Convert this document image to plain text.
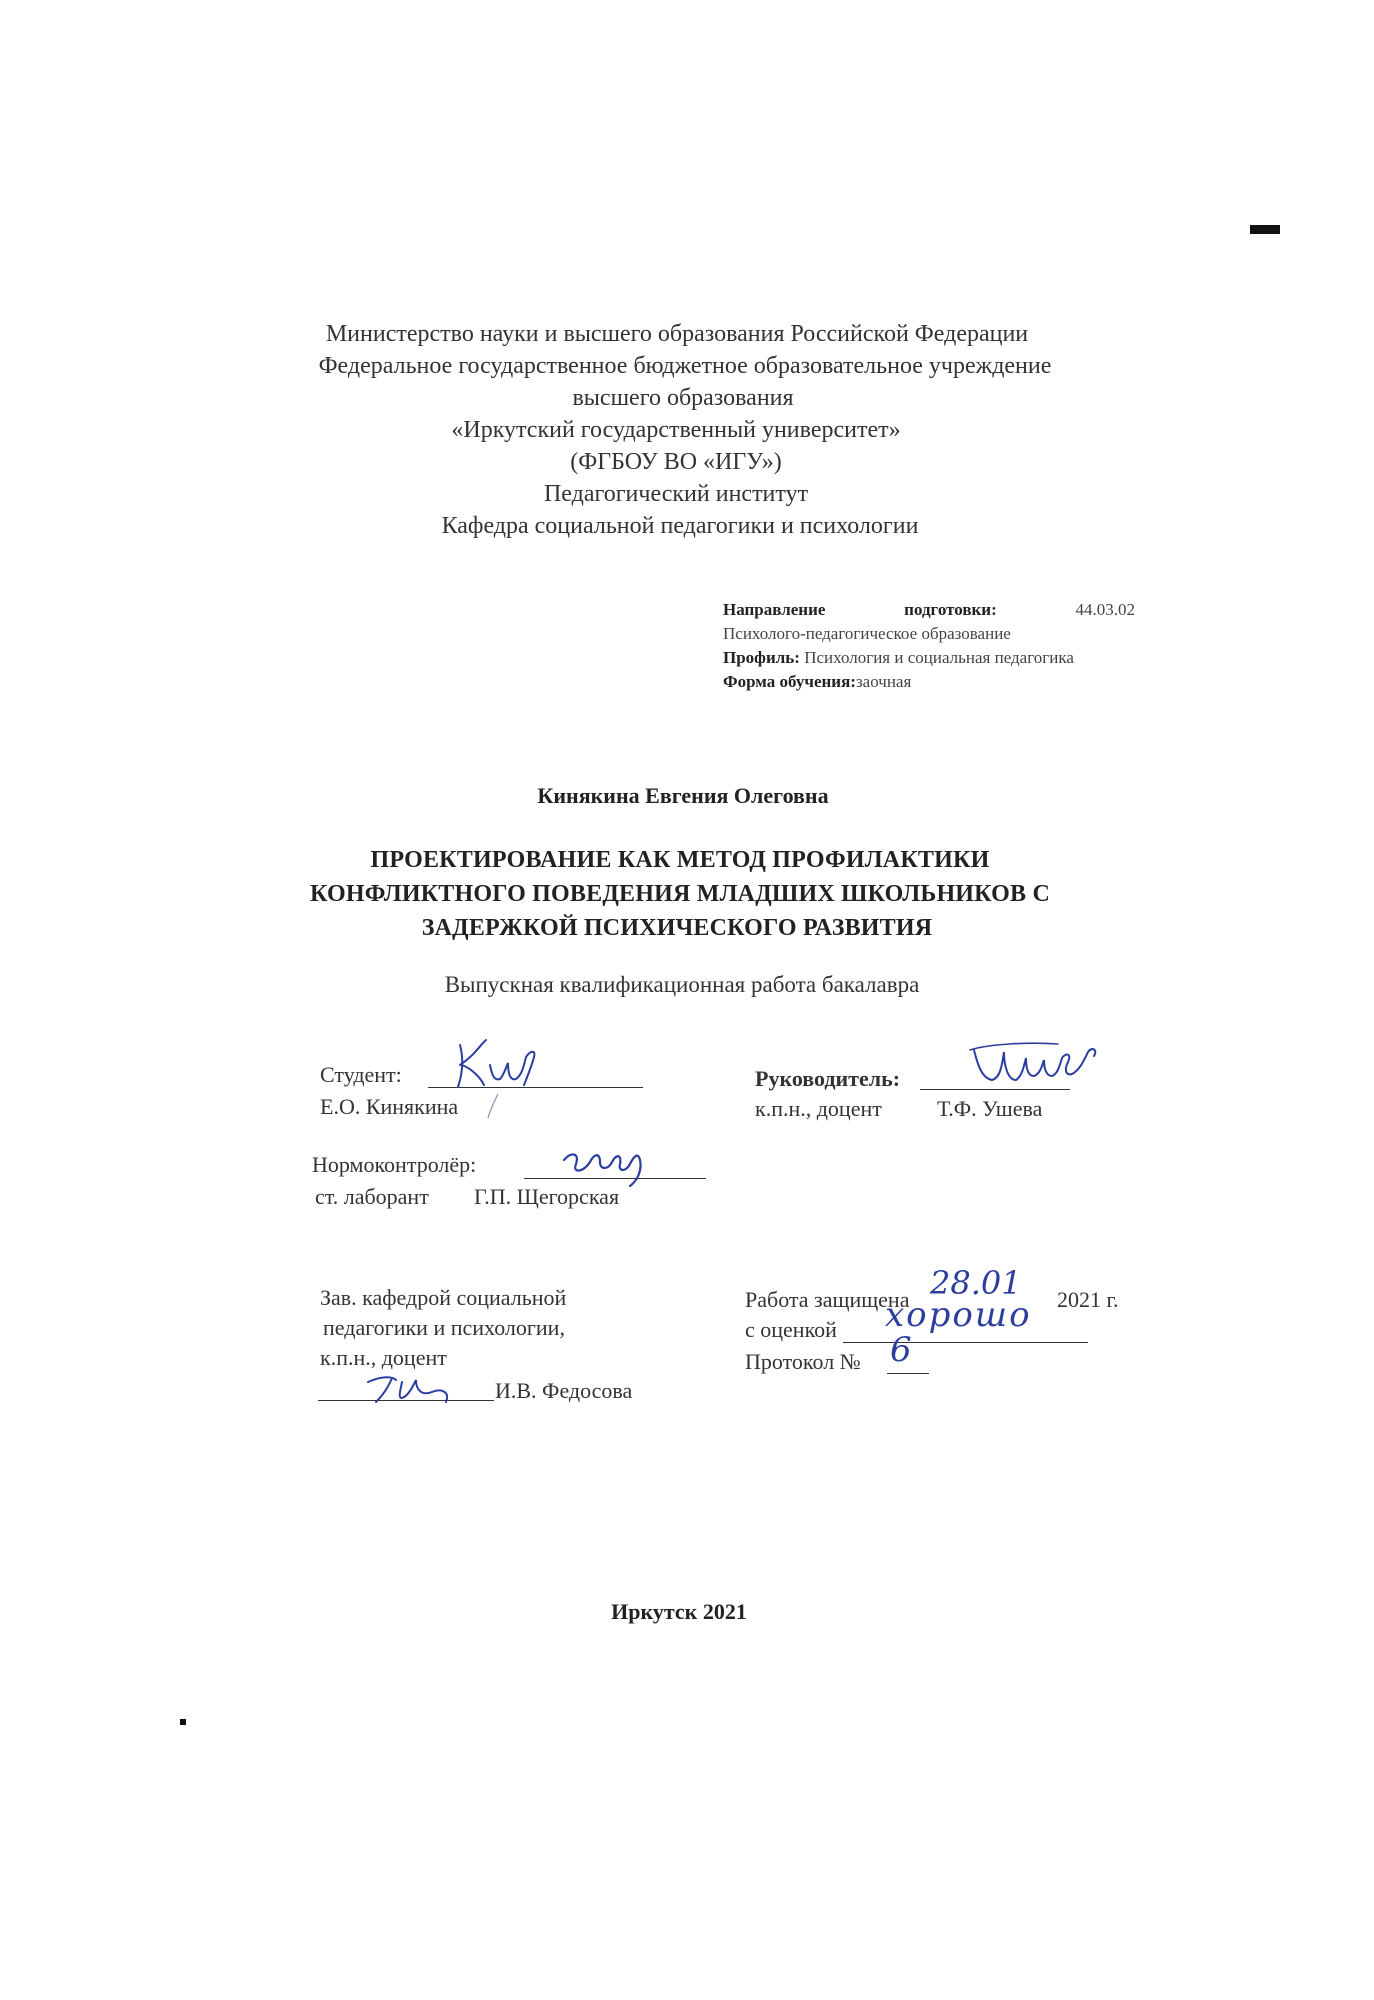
Министерство науки и высшего образования Российской Федерации
Федеральное государственное бюджетное образовательное учреждение
высшего образования
«Иркутский государственный университет»
(ФГБОУ ВО «ИГУ»)
Педагогический институт
Кафедра социальной педагогики и психологии
Направление	подготовки:	44.03.02
Психолого-педагогическое образование
Профиль: Психология и социальная педагогика
Форма обучения:заочная
Кинякина Евгения Олеговна
ПРОЕКТИРОВАНИЕ КАК МЕТОД ПРОФИЛАКТИКИ
КОНФЛИКТНОГО ПОВЕДЕНИЯ МЛАДШИХ ШКОЛЬНИКОВ С
ЗАДЕРЖКОЙ ПСИХИЧЕСКОГО РАЗВИТИЯ
Выпускная квалификационная работа бакалавра
Студент:
Е.О. Кинякина
Руководитель:
к.п.н., доцент	Т.Ф. Ушева
Нормоконтролёр:
ст. лаборант Г.П. Щегорская
Зав. кафедрой социальной
педагогики и психологии,
к.п.н., доцент
И.В. Федосова
Работа защищена 28.01 2021 г.
с оценкой хорошо
Протокол № 6
Иркутск 2021
